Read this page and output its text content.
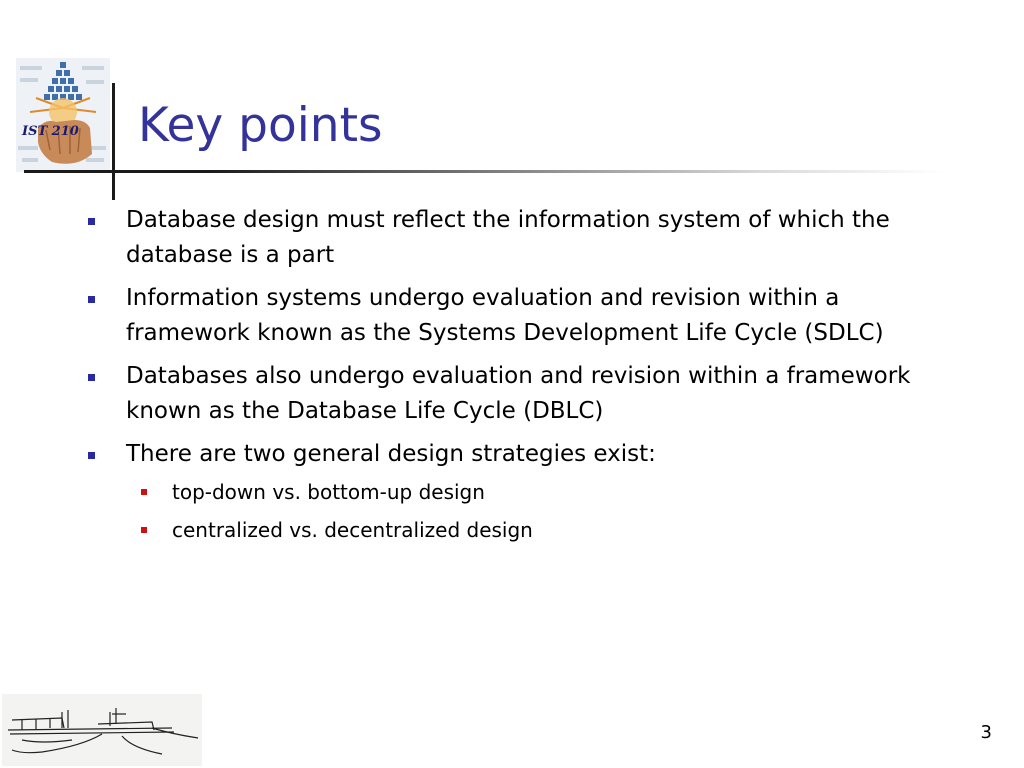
IST 210 Key points
Database design must reflect the information system of which the database is a part
Information systems undergo evaluation and revision within a framework known as the Systems Development Life Cycle (SDLC)
Databases also undergo evaluation and revision within a framework known as the Database Life Cycle (DBLC)
There are two general design strategies exist:
top-down vs. bottom-up design
centralized vs. decentralized design
3
